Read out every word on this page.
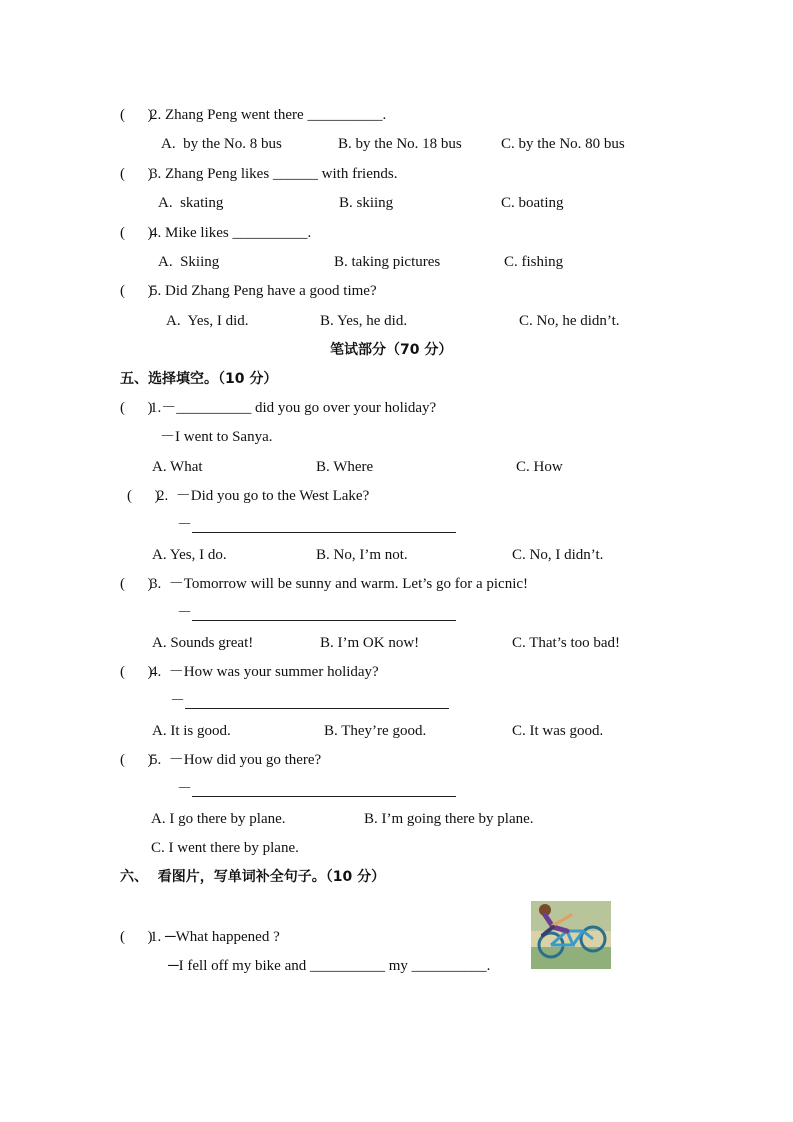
(      )
2. Zhang Peng went there __________.
A.  by the No. 8 bus	B. by the No. 18 bus	C. by the No. 80 bus
(      )
3. Zhang Peng likes ______ with friends.
A.  skating	B. skiing	C. boating
(      )
4. Mike likes __________.
A.  Skiing	B. taking pictures	C. fishing
(      )
5. Did Zhang Peng have a good time?
A.  Yes, I did.	B. Yes, he did.	C. No, he didn’t.
笔试部分（70 分）
五、选择填空。（10 分）
(      )
1.－__________ did you go over your holiday?
－I went to Sanya.
A. What	B. Where	C. How
(      )
2.  －Did you go to the West Lake?
－
A. Yes, I do.	B. No, I’m not.	C. No, I didn’t.
(      )
3.  －Tomorrow will be sunny and warm. Let’s go for a picnic!
－
A. Sounds great!	B. I’m OK now!	C. That’s too bad!
(      )
4.  －How was your summer holiday?
－
A. It is good.	B. They’re good.	C. It was good.
(      )
5.  －How did you go there?
－
A. I go there by plane.	B. I’m going there by plane.
C. I went there by plane.
六、  看图片，写单词补全句子。（10 分）
(      )
1. ─What happened ?
─I fell off my bike and __________ my __________.
